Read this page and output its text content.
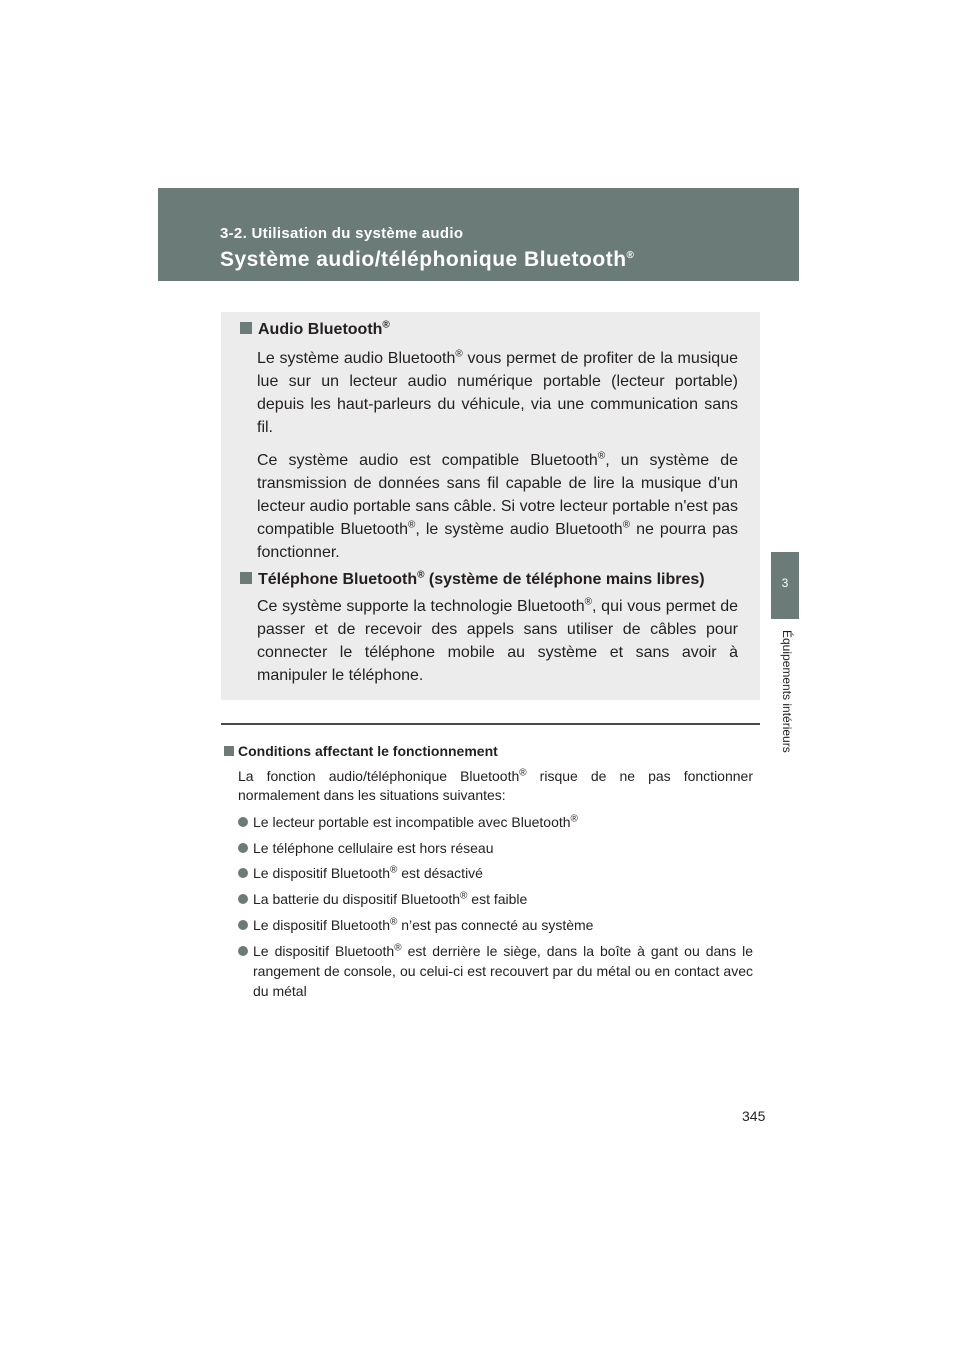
3-2. Utilisation du système audio
Système audio/téléphonique Bluetooth®
3
Équipements intérieurs
Audio Bluetooth®
Le système audio Bluetooth® vous permet de profiter de la musique lue sur un lecteur audio numérique portable (lecteur portable) depuis les haut-parleurs du véhicule, via une communication sans fil.
Ce système audio est compatible Bluetooth®, un système de transmission de données sans fil capable de lire la musique d'un lecteur audio portable sans câble. Si votre lecteur portable n'est pas compatible Bluetooth®, le système audio Bluetooth® ne pourra pas fonctionner.
Téléphone Bluetooth® (système de téléphone mains libres)
Ce système supporte la technologie Bluetooth®, qui vous permet de passer et de recevoir des appels sans utiliser de câbles pour connecter le téléphone mobile au système et sans avoir à manipuler le téléphone.
Conditions affectant le fonctionnement
La fonction audio/téléphonique Bluetooth® risque de ne pas fonctionner normalement dans les situations suivantes:
Le lecteur portable est incompatible avec Bluetooth®
Le téléphone cellulaire est hors réseau
Le dispositif Bluetooth® est désactivé
La batterie du dispositif Bluetooth® est faible
Le dispositif Bluetooth® n’est pas connecté au système
Le dispositif Bluetooth® est derrière le siège, dans la boîte à gant ou dans le rangement de console, ou celui-ci est recouvert par du métal ou en contact avec du métal
345
